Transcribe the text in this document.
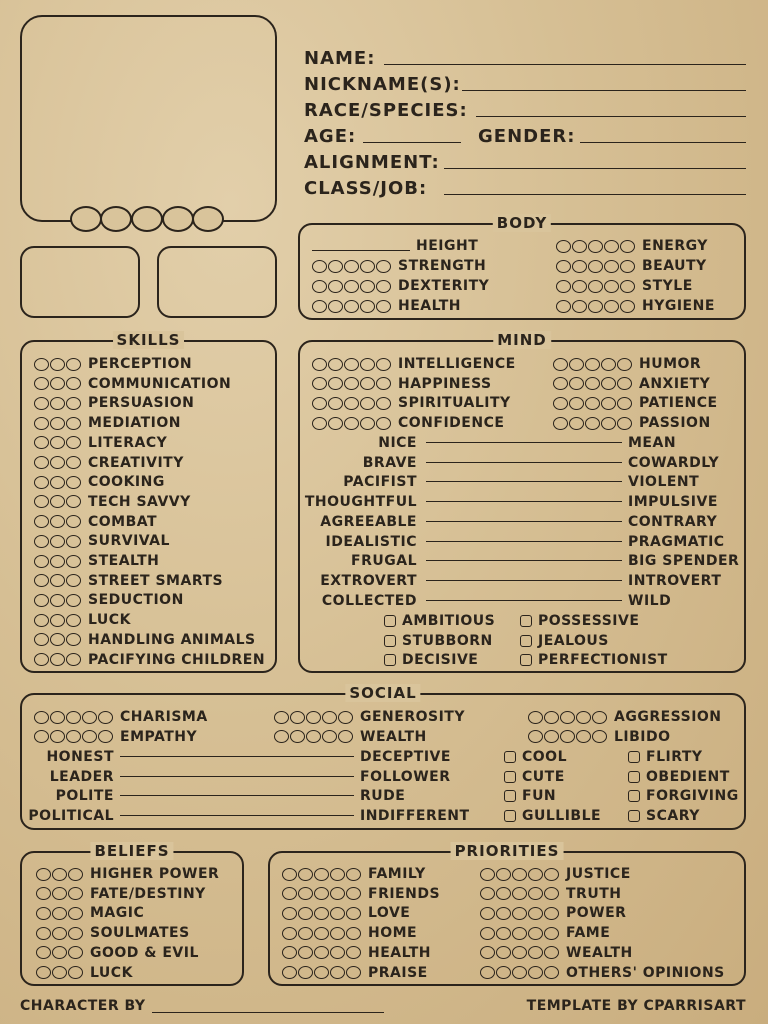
NAME:
NICKNAME(S):
RACE/SPECIES:
AGE:	GENDER:
ALIGNMENT:
CLASS/JOB:
BODY
HEIGHT
STRENGTH
DEXTERITY
HEALTH
ENERGY
BEAUTY
STYLE
HYGIENE
SKILLS
PERCEPTION
COMMUNICATION
PERSUASION
MEDIATION
LITERACY
CREATIVITY
COOKING
TECH SAVVY
COMBAT
SURVIVAL
STEALTH
STREET SMARTS
SEDUCTION
LUCK
HANDLING ANIMALS
PACIFYING CHILDREN
MIND
INTELLIGENCE
HAPPINESS
SPIRITUALITY
CONFIDENCE
HUMOR
ANXIETY
PATIENCE
PASSION
NICE	MEAN
BRAVE	COWARDLY
PACIFIST	VIOLENT
THOUGHTFUL	IMPULSIVE
AGREEABLE	CONTRARY
IDEALISTIC	PRAGMATIC
FRUGAL	BIG SPENDER
EXTROVERT	INTROVERT
COLLECTED	WILD
AMBITIOUS
STUBBORN
DECISIVE
POSSESSIVE
JEALOUS
PERFECTIONIST
SOCIAL
CHARISMA
EMPATHY
GENEROSITY
WEALTH
AGGRESSION
LIBIDO
HONEST	DECEPTIVE
LEADER	FOLLOWER
POLITE	RUDE
POLITICAL	INDIFFERENT
COOL
CUTE
FUN
GULLIBLE
FLIRTY
OBEDIENT
FORGIVING
SCARY
BELIEFS
HIGHER POWER
FATE/DESTINY
MAGIC
SOULMATES
GOOD & EVIL
LUCK
PRIORITIES
FAMILY
FRIENDS
LOVE
HOME
HEALTH
PRAISE
JUSTICE
TRUTH
POWER
FAME
WEALTH
OTHERS' OPINIONS
CHARACTER BY	TEMPLATE BY CPARRISART
